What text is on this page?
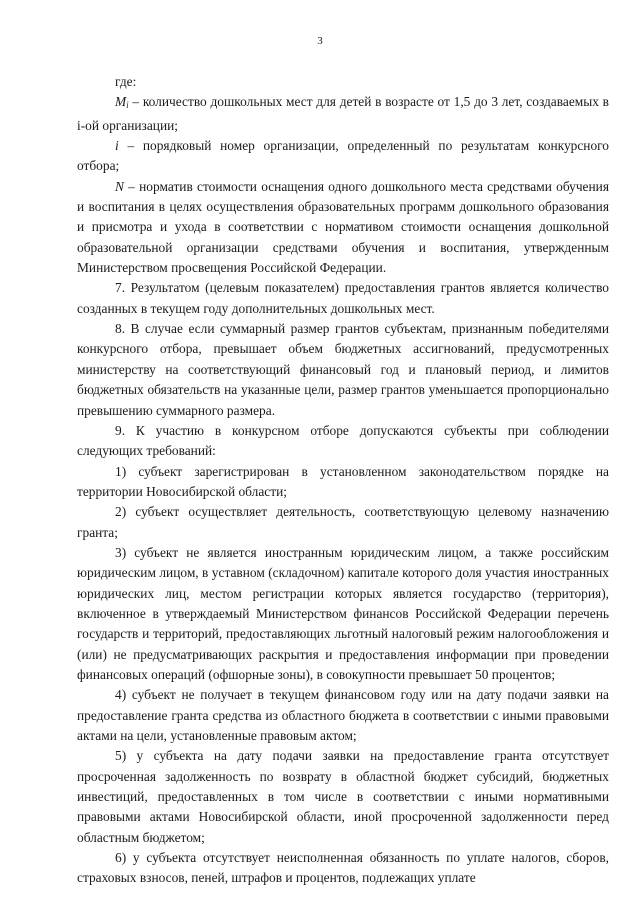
3

где:

$M_i$ – количество дошкольных мест для детей в возрасте от 1,5 до 3 лет, создаваемых в i-ой организации;

i – порядковый номер организации, определенный по результатам конкурсного отбора;

N – норматив стоимости оснащения одного дошкольного места средствами обучения и воспитания в целях осуществления образовательных программ дошкольного образования и присмотра и ухода в соответствии с нормативом стоимости оснащения дошкольной образовательной организации средствами обучения и воспитания, утвержденным Министерством просвещения Российской Федерации.

7. Результатом (целевым показателем) предоставления грантов является количество созданных в текущем году дополнительных дошкольных мест.

8. В случае если суммарный размер грантов субъектам, признанным победителями конкурсного отбора, превышает объем бюджетных ассигнований, предусмотренных министерству на соответствующий финансовый год и плановый период, и лимитов бюджетных обязательств на указанные цели, размер грантов уменьшается пропорционально превышению суммарного размера.

9. К участию в конкурсном отборе допускаются субъекты при соблюдении следующих требований:

1) субъект зарегистрирован в установленном законодательством порядке на территории Новосибирской области;

2) субъект осуществляет деятельность, соответствующую целевому назначению гранта;

3) субъект не является иностранным юридическим лицом, а также российским юридическим лицом, в уставном (складочном) капитале которого доля участия иностранных юридических лиц, местом регистрации которых является государство (территория), включенное в утверждаемый Министерством финансов Российской Федерации перечень государств и территорий, предоставляющих льготный налоговый режим налогообложения и (или) не предусматривающих раскрытия и предоставления информации при проведении финансовых операций (офшорные зоны), в совокупности превышает 50 процентов;

4) субъект не получает в текущем финансовом году или на дату подачи заявки на предоставление гранта средства из областного бюджета в соответствии с иными правовыми актами на цели, установленные правовым актом;

5) у субъекта на дату подачи заявки на предоставление гранта отсутствует просроченная задолженность по возврату в областной бюджет субсидий, бюджетных инвестиций, предоставленных в том числе в соответствии с иными нормативными правовыми актами Новосибирской области, иной просроченной задолженности перед областным бюджетом;

6) у субъекта отсутствует неисполненная обязанность по уплате налогов, сборов, страховых взносов, пеней, штрафов и процентов, подлежащих уплате
